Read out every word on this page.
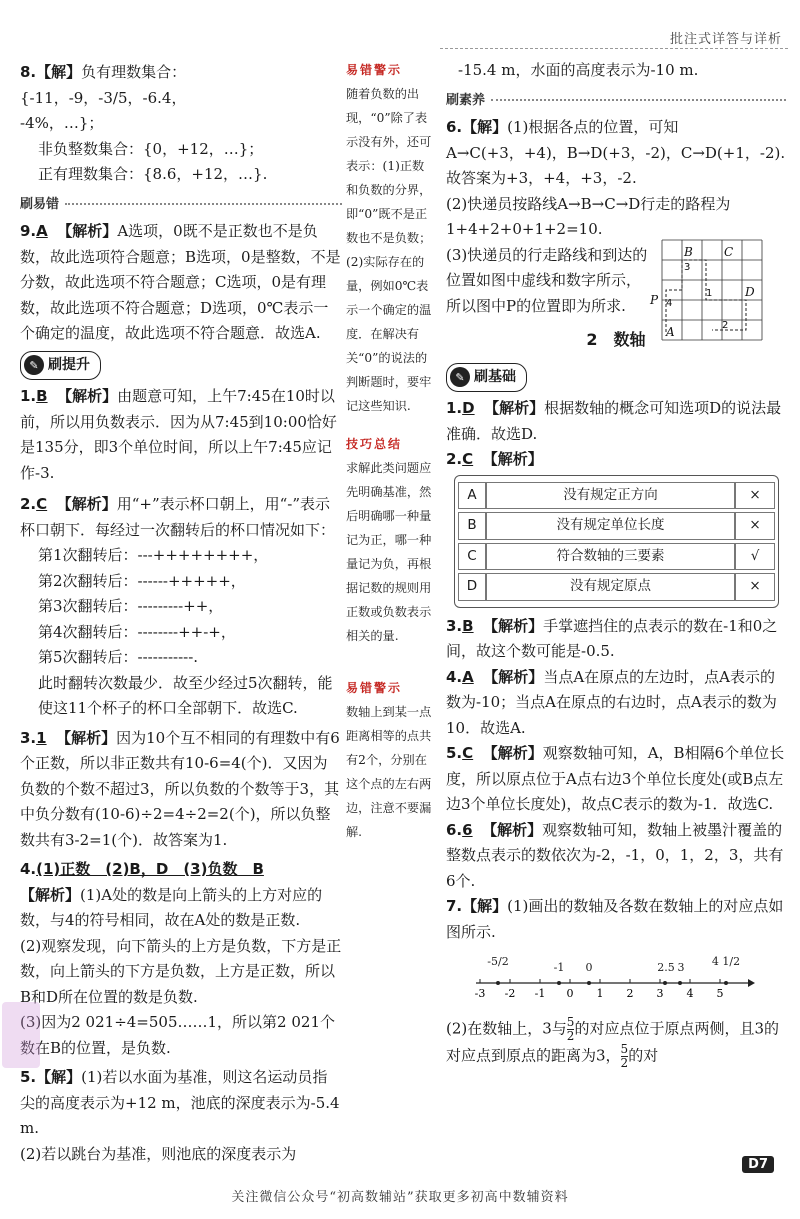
批注式详答与详析
8.【解】负有理数集合：{-11，-9，-3/5，-6.4，
-4%，…}；
非负整数集合：{0，+12，…}；
正有理数集合：{8.6，+12，…}.
刷易错
9.A 【解析】A选项，0既不是正数也不是负数，故此选项符合题意；B选项，0是整数，不是分数，故此选项不符合题意；C选项，0是有理数，故此选项不符合题意；D选项，0℃表示一个确定的温度，故此选项不符合题意．故选A.
✎ 刷提升
1.B 【解析】由题意可知，上午7:45在10时以前，所以用负数表示．因为从7:45到10:00恰好是135分，即3个单位时间，所以上午7:45应记作-3.
2.C 【解析】用“+”表示杯口朝上，用“-”表示杯口朝下．每经过一次翻转后的杯口情况如下：
第1次翻转后：---++++++++，
第2次翻转后：------+++++，
第3次翻转后：---------++，
第4次翻转后：--------++-+，
第5次翻转后：-----------.
此时翻转次数最少．故至少经过5次翻转，能使这11个杯子的杯口全部朝下．故选C.
3.1 【解析】因为10个互不相同的有理数中有6个正数，所以非正数共有10-6=4(个)．又因为负数的个数不超过3，所以负数的个数等于3，其中负分数有(10-6)÷2=4÷2=2(个)，所以负整数共有3-2=1(个)．故答案为1.
4.(1)正数　(2)B，D　(3)负数　B
【解析】(1)A处的数是向上箭头的上方对应的数，与4的符号相同，故在A处的数是正数.
(2)观察发现，向下箭头的上方是负数，下方是正数，向上箭头的下方是负数，上方是正数，所以B和D所在位置的数是负数.
(3)因为2 021÷4=505……1，所以第2 021个数在B的位置，是负数.
5.【解】(1)若以水面为基准，则这名运动员指尖的高度表示为+12 m，池底的深度表示为-5.4 m.
(2)若以跳台为基准，则池底的深度表示为
易错警示
随着负数的出现，“0”除了表示没有外，还可表示：(1)正数和负数的分界，即“0”既不是正数也不是负数；(2)实际存在的量，例如0℃表示一个确定的温度．在解决有关“0”的说法的判断题时，要牢记这些知识.
技巧总结
求解此类问题应先明确基准，然后明确哪一种量记为正，哪一种量记为负，再根据记数的规则用正数或负数表示相关的量.
易错警示
数轴上到某一点距离相等的点共有2个，分别在这个点的左右两边，注意不要漏解.
-15.4 m，水面的高度表示为-10 m.
刷素养
6.【解】(1)根据各点的位置，可知A→C(+3，+4)，B→D(+3，-2)，C→D(+1，-2).
故答案为+3，+4，+3，-2.
(2)快递员按路线A→B→C→D行走的路程为1+4+2+0+1+2=10.
(3)快递员的行走路线和到达的位置如图中虚线和数字所示，所以图中P的位置即为所求.
2　数轴
✎ 刷基础
1.D 【解析】根据数轴的概念可知选项D的说法最准确．故选D.
2.C 【解析】
A	没有规定正方向	×
B	没有规定单位长度	×
C	符合数轴的三要素	√
D	没有规定原点	×
3.B 【解析】手掌遮挡住的点表示的数在-1和0之间，故这个数可能是-0.5.
4.A 【解析】当点A在原点的左边时，点A表示的数为-10；当点A在原点的右边时，点A表示的数为10．故选A.
5.C 【解析】观察数轴可知，A，B相隔6个单位长度，所以原点位于A点右边3个单位长度处(或B点左边3个单位长度处)，故点C表示的数为-1．故选C.
6.6 【解析】观察数轴可知，数轴上被墨汁覆盖的整数点表示的数依次为-2，-1，0，1，2，3，共有6个.
7.【解】(1)画出的数轴及各数在数轴上的对应点如图所示.
-3 -2 -1 0 1 2 3 4 5
-5/2	-1 0	2.5 3 4 1/2
(2)在数轴上，3与 $\frac{5}{2}$ 的对应点位于原点两侧，且3的对应点到原点的距离为3， $\frac{5}{2}$ 的对
B	C
D
A
P
3
4
1
2
D7
关注微信公众号“初高数辅站”获取更多初高中数辅资料
